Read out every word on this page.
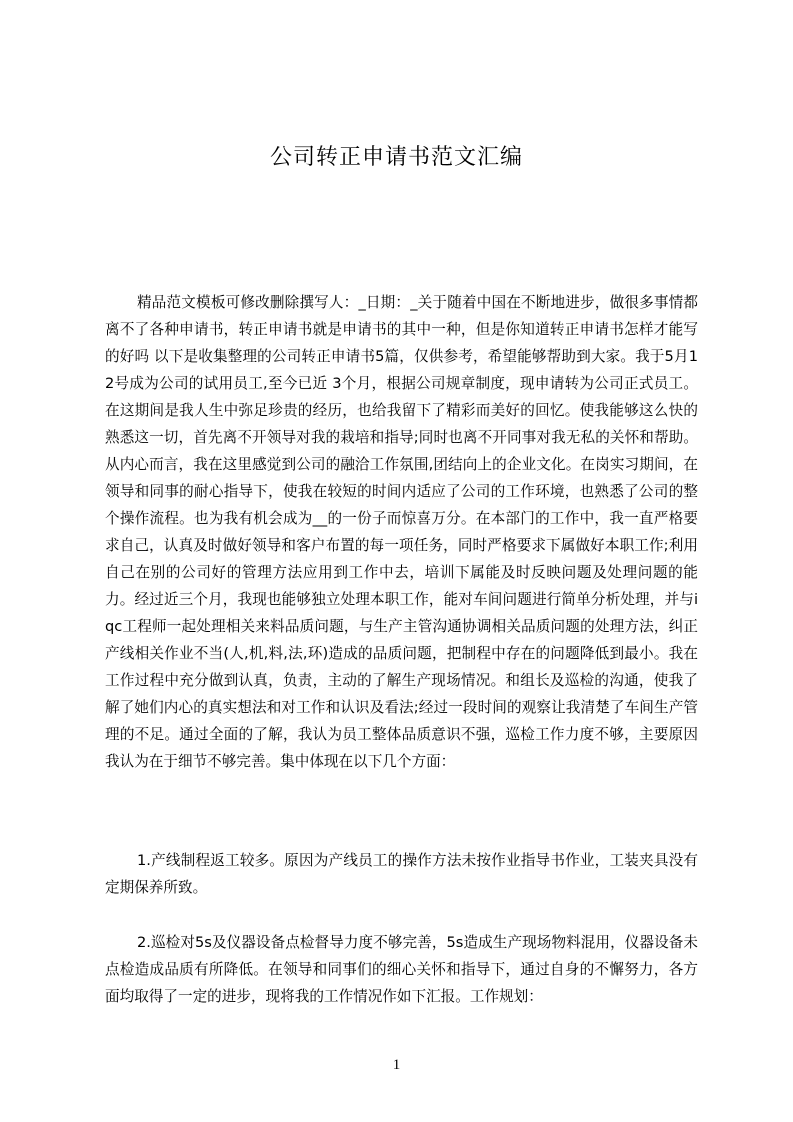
公司转正申请书范文汇编

精品范文模板可修改删除撰写人：_日期：_关于随着中国在不断地进步，做很多事情都离不了各种申请书，转正申请书就是申请书的其中一种，但是你知道转正申请书怎样才能写的好吗 以下是收集整理的公司转正申请书5篇，仅供参考，希望能够帮助到大家。我于5月12号成为公司的试用员工,至今已近 3个月，根据公司规章制度，现申请转为公司正式员工。在这期间是我人生中弥足珍贵的经历，也给我留下了精彩而美好的回忆。使我能够这么快的熟悉这一切，首先离不开领导对我的栽培和指导;同时也离不开同事对我无私的关怀和帮助。从内心而言，我在这里感觉到公司的融洽工作氛围,团结向上的企业文化。在岗实习期间，在领导和同事的耐心指导下，使我在较短的时间内适应了公司的工作环境，也熟悉了公司的整个操作流程。也为我有机会成为__的一份子而惊喜万分。在本部门的工作中，我一直严格要求自己，认真及时做好领导和客户布置的每一项任务，同时严格要求下属做好本职工作;利用自己在别的公司好的管理方法应用到工作中去，培训下属能及时反映问题及处理问题的能力。经过近三个月，我现也能够独立处理本职工作，能对车间问题进行简单分析处理，并与iqc工程师一起处理相关来料品质问题，与生产主管沟通协调相关品质问题的处理方法，纠正产线相关作业不当(人,机,料,法,环)造成的品质问题，把制程中存在的问题降低到最小。我在工作过程中充分做到认真，负责，主动的了解生产现场情况。和组长及巡检的沟通，使我了解了她们内心的真实想法和对工作和认识及看法;经过一段时间的观察让我清楚了车间生产管理的不足。通过全面的了解，我认为员工整体品质意识不强，巡检工作力度不够，主要原因我认为在于细节不够完善。集中体现在以下几个方面：

1.产线制程返工较多。原因为产线员工的操作方法未按作业指导书作业，工装夹具没有定期保养所致。

2.巡检对5s及仪器设备点检督导力度不够完善，5s造成生产现场物料混用，仪器设备未点检造成品质有所降低。在领导和同事们的细心关怀和指导下，通过自身的不懈努力，各方面均取得了一定的进步，现将我的工作情况作如下汇报。工作规划：

1
